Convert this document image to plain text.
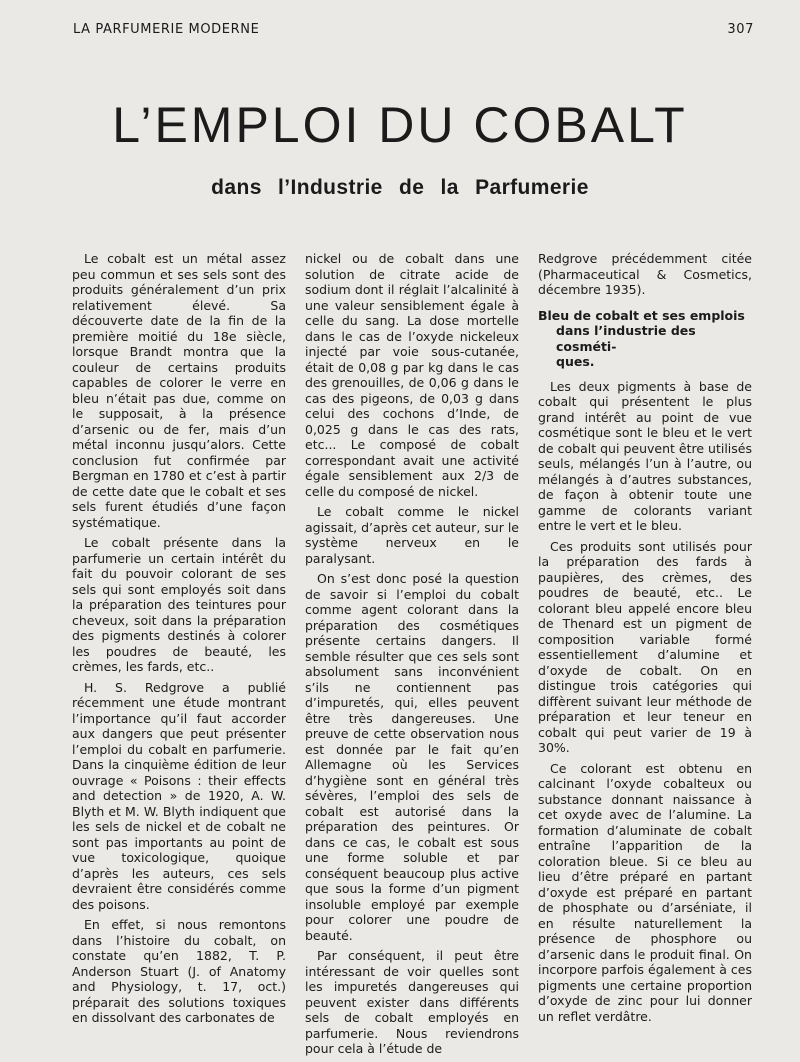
LA PARFUMERIE MODERNE	307
L’EMPLOI DU COBALT
dans l’Industrie de la Parfumerie

Le cobalt est un métal assez peu commun et ses sels sont des produits généralement d’un prix relativement élevé. Sa découverte date de la fin de la première moitié du 18e siècle, lorsque Brandt montra que la couleur de certains produits capables de colorer le verre en bleu n’était pas due, comme on le supposait, à la présence d’arsenic ou de fer, mais d’un métal inconnu jusqu’alors. Cette conclusion fut confirmée par Bergman en 1780 et c’est à partir de cette date que le cobalt et ses sels furent étudiés d’une façon systématique.

Le cobalt présente dans la parfumerie un certain intérêt du fait du pouvoir colorant de ses sels qui sont employés soit dans la préparation des teintures pour cheveux, soit dans la préparation des pigments destinés à colorer les poudres de beauté, les crèmes, les fards, etc..

H. S. Redgrove a publié récemment une étude montrant l’importance qu’il faut accorder aux dangers que peut présenter l’emploi du cobalt en parfumerie. Dans la cinquième édition de leur ouvrage « Poisons : their effects and detection » de 1920, A. W. Blyth et M. W. Blyth indiquent que les sels de nickel et de cobalt ne sont pas importants au point de vue toxicologique, quoique d’après les auteurs, ces sels devraient être considérés comme des poisons.

En effet, si nous remontons dans l’histoire du cobalt, on constate qu’en 1882, T. P. Anderson Stuart (J. of Anatomy and Physiology, t. 17, oct.) préparait des solutions toxiques en dissolvant des carbonates de

nickel ou de cobalt dans une solution de citrate acide de sodium dont il réglait l’alcalinité à une valeur sensiblement égale à celle du sang. La dose mortelle dans le cas de l’oxyde nickeleux injecté par voie sous-cutanée, était de 0,08 g par kg dans le cas des grenouilles, de 0,06 g dans le cas des pigeons, de 0,03 g dans celui des cochons d’Inde, de 0,025 g dans le cas des rats, etc... Le composé de cobalt correspondant avait une activité égale sensiblement aux 2/3 de celle du composé de nickel.

Le cobalt comme le nickel agissait, d’après cet auteur, sur le système nerveux en le paralysant.

On s’est donc posé la question de savoir si l’emploi du cobalt comme agent colorant dans la préparation des cosmétiques présente certains dangers. Il semble résulter que ces sels sont absolument sans inconvénient s’ils ne contiennent pas d’impuretés, qui, elles peuvent être très dangereuses. Une preuve de cette observation nous est donnée par le fait qu’en Allemagne où les Services d’hygiène sont en général très sévères, l’emploi des sels de cobalt est autorisé dans la préparation des peintures. Or dans ce cas, le cobalt est sous une forme soluble et par conséquent beaucoup plus active que sous la forme d’un pigment insoluble employé par exemple pour colorer une poudre de beauté.

Par conséquent, il peut être intéressant de voir quelles sont les impuretés dangereuses qui peuvent exister dans différents sels de cobalt employés en parfumerie. Nous reviendrons pour cela à l’étude de

Redgrove précédemment citée (Pharmaceutical & Cosmetics, décembre 1935).

Bleu de cobalt et ses emplois
dans l’industrie des cosméti-
ques.

Les deux pigments à base de cobalt qui présentent le plus grand intérêt au point de vue cosmétique sont le bleu et le vert de cobalt qui peuvent être utilisés seuls, mélangés l’un à l’autre, ou mélangés à d’autres substances, de façon à obtenir toute une gamme de colorants variant entre le vert et le bleu.

Ces produits sont utilisés pour la préparation des fards à paupières, des crèmes, des poudres de beauté, etc.. Le colorant bleu appelé encore bleu de Thenard est un pigment de composition variable formé essentiellement d’alumine et d’oxyde de cobalt. On en distingue trois catégories qui diffèrent suivant leur méthode de préparation et leur teneur en cobalt qui peut varier de 19 à 30%.

Ce colorant est obtenu en calcinant l’oxyde cobalteux ou substance donnant naissance à cet oxyde avec de l’alumine. La formation d’aluminate de cobalt entraîne l’apparition de la coloration bleue. Si ce bleu au lieu d’être préparé en partant d’oxyde est préparé en partant de phosphate ou d’arséniate, il en résulte naturellement la présence de phosphore ou d’arsenic dans le produit final. On incorpore parfois également à ces pigments une certaine proportion d’oxyde de zinc pour lui donner un reflet verdâtre.
